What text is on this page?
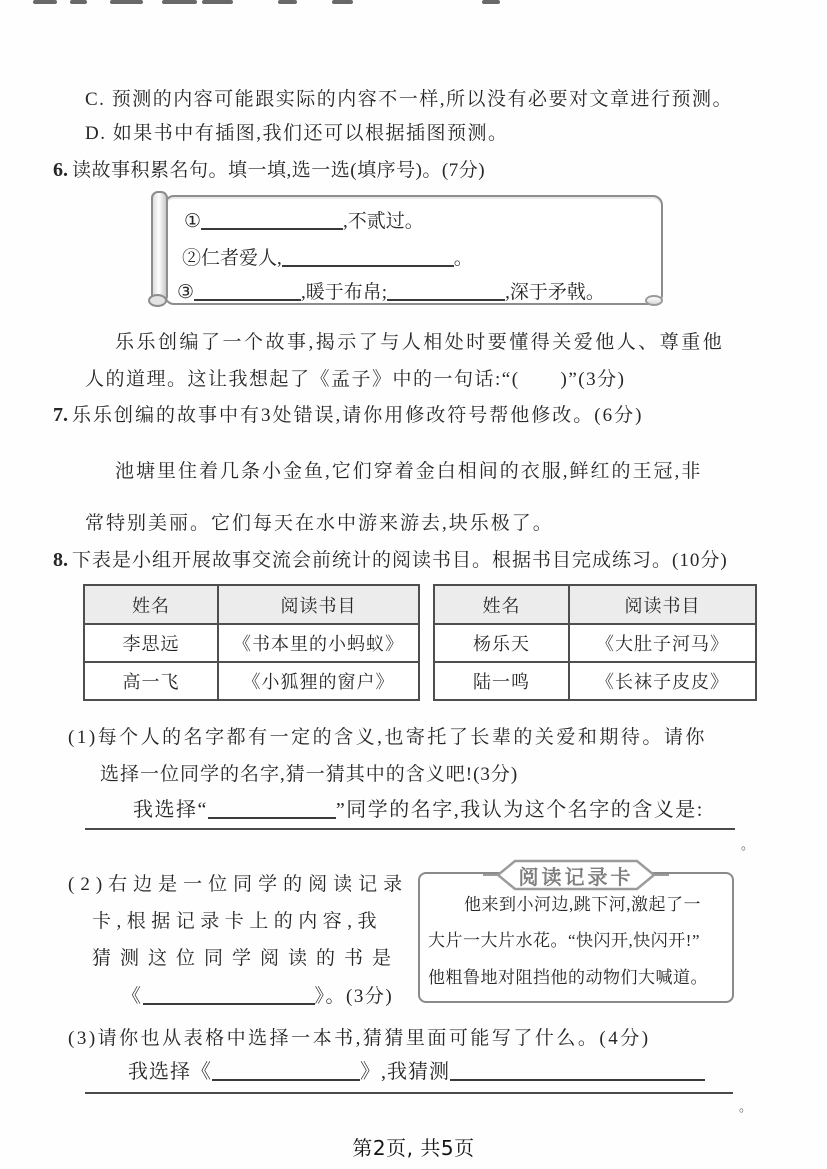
C. 预测的内容可能跟实际的内容不一样,所以没有必要对文章进行预测。
D. 如果书中有插图,我们还可以根据插图预测。
6. 读故事积累名句。填一填,选一选(填序号)。(7分)
①	,不贰过。
②仁者爱人,	。
③	,暖于布帛;	,深于矛戟。
乐乐创编了一个故事,揭示了与人相处时要懂得关爱他人、尊重他
人的道理。这让我想起了《孟子》中的一句话:“(　　)”(3分)
7. 乐乐创编的故事中有3处错误,请你用修改符号帮他修改。(6分)
池塘里住着几条小金鱼,它们穿着金白相间的衣服,鲜红的王冠,非
常特别美丽。它们每天在水中游来游去,块乐极了。
8. 下表是小组开展故事交流会前统计的阅读书目。根据书目完成练习。(10分)
姓名	阅读书目
李思远	《书本里的小蚂蚁》
高一飞	《小狐狸的窗户》
姓名	阅读书目
杨乐天	《大肚子河马》
陆一鸣	《长袜子皮皮》
(1)每个人的名字都有一定的含义,也寄托了长辈的关爱和期待。请你
选择一位同学的名字,猜一猜其中的含义吧!(3分)
我选择“	”同学的名字,我认为这个名字的含义是:
。
(2)右边是一位同学的阅读记录
卡,根据记录卡上的内容,我
猜测这位同学阅读的书是
《	》。(3分)
阅读记录卡
他来到小河边,跳下河,激起了一
大片一大片水花。“快闪开,快闪开!”
他粗鲁地对阻挡他的动物们大喊道。
(3)请你也从表格中选择一本书,猜猜里面可能写了什么。(4分)
我选择《	》,我猜测
。
第2页, 共5页
